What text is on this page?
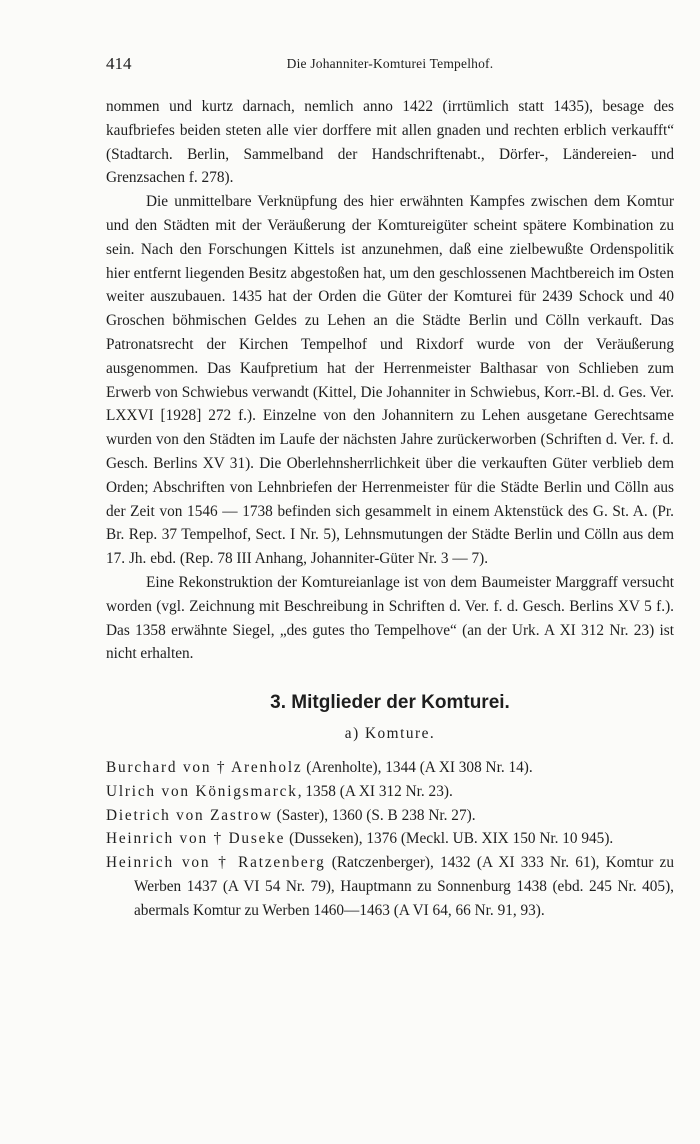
414	Die Johanniter-Komturei Tempelhof.

nommen und kurtz darnach, nemlich anno 1422 (irrtümlich statt 1435), besage des kaufbriefes beiden steten alle vier dorffere mit allen gnaden und rechten erblich verkaufft“ (Stadtarch. Berlin, Sammelband der Handschriftenabt., Dörfer-, Ländereien- und Grenzsachen f. 278).

Die unmittelbare Verknüpfung des hier erwähnten Kampfes zwischen dem Komtur und den Städten mit der Veräußerung der Komtureigüter scheint spätere Kombination zu sein. Nach den Forschungen Kittels ist anzunehmen, daß eine zielbewußte Ordenspolitik hier entfernt liegenden Besitz abgestoßen hat, um den geschlossenen Machtbereich im Osten weiter auszubauen. 1435 hat der Orden die Güter der Komturei für 2439 Schock und 40 Groschen böhmischen Geldes zu Lehen an die Städte Berlin und Cölln verkauft. Das Patronatsrecht der Kirchen Tempelhof und Rixdorf wurde von der Veräußerung ausgenommen. Das Kaufpretium hat der Herrenmeister Balthasar von Schlieben zum Erwerb von Schwiebus verwandt (Kittel, Die Johanniter in Schwiebus, Korr.-Bl. d. Ges. Ver. LXXVI [1928] 272 f.). Einzelne von den Johannitern zu Lehen ausgetane Gerechtsame wurden von den Städten im Laufe der nächsten Jahre zurückerworben (Schriften d. Ver. f. d. Gesch. Berlins XV 31). Die Oberlehnsherrlichkeit über die verkauften Güter verblieb dem Orden; Abschriften von Lehnbriefen der Herrenmeister für die Städte Berlin und Cölln aus der Zeit von 1546 — 1738 befinden sich gesammelt in einem Aktenstück des G. St. A. (Pr. Br. Rep. 37 Tempelhof, Sect. I Nr. 5), Lehnsmutungen der Städte Berlin und Cölln aus dem 17. Jh. ebd. (Rep. 78 III Anhang, Johanniter-Güter Nr. 3 — 7).

Eine Rekonstruktion der Komtureianlage ist von dem Baumeister Marggraff versucht worden (vgl. Zeichnung mit Beschreibung in Schriften d. Ver. f. d. Gesch. Berlins XV 5 f.). Das 1358 erwähnte Siegel, „des gutes tho Tempelhove“ (an der Urk. A XI 312 Nr. 23) ist nicht erhalten.

3. Mitglieder der Komturei.
a) Komture.

Burchard von † Arenholz (Arenholte), 1344 (A XI 308 Nr. 14).

Ulrich von Königsmarck, 1358 (A XI 312 Nr. 23).

Dietrich von Zastrow (Saster), 1360 (S. B 238 Nr. 27).

Heinrich von † Duseke (Dusseken), 1376 (Meckl. UB. XIX 150 Nr. 10 945).

Heinrich von † Ratzenberg (Ratczenberger), 1432 (A XI 333 Nr. 61), Komtur zu Werben 1437 (A VI 54 Nr. 79), Hauptmann zu Sonnenburg 1438 (ebd. 245 Nr. 405), abermals Komtur zu Werben 1460—1463 (A VI 64, 66 Nr. 91, 93).
